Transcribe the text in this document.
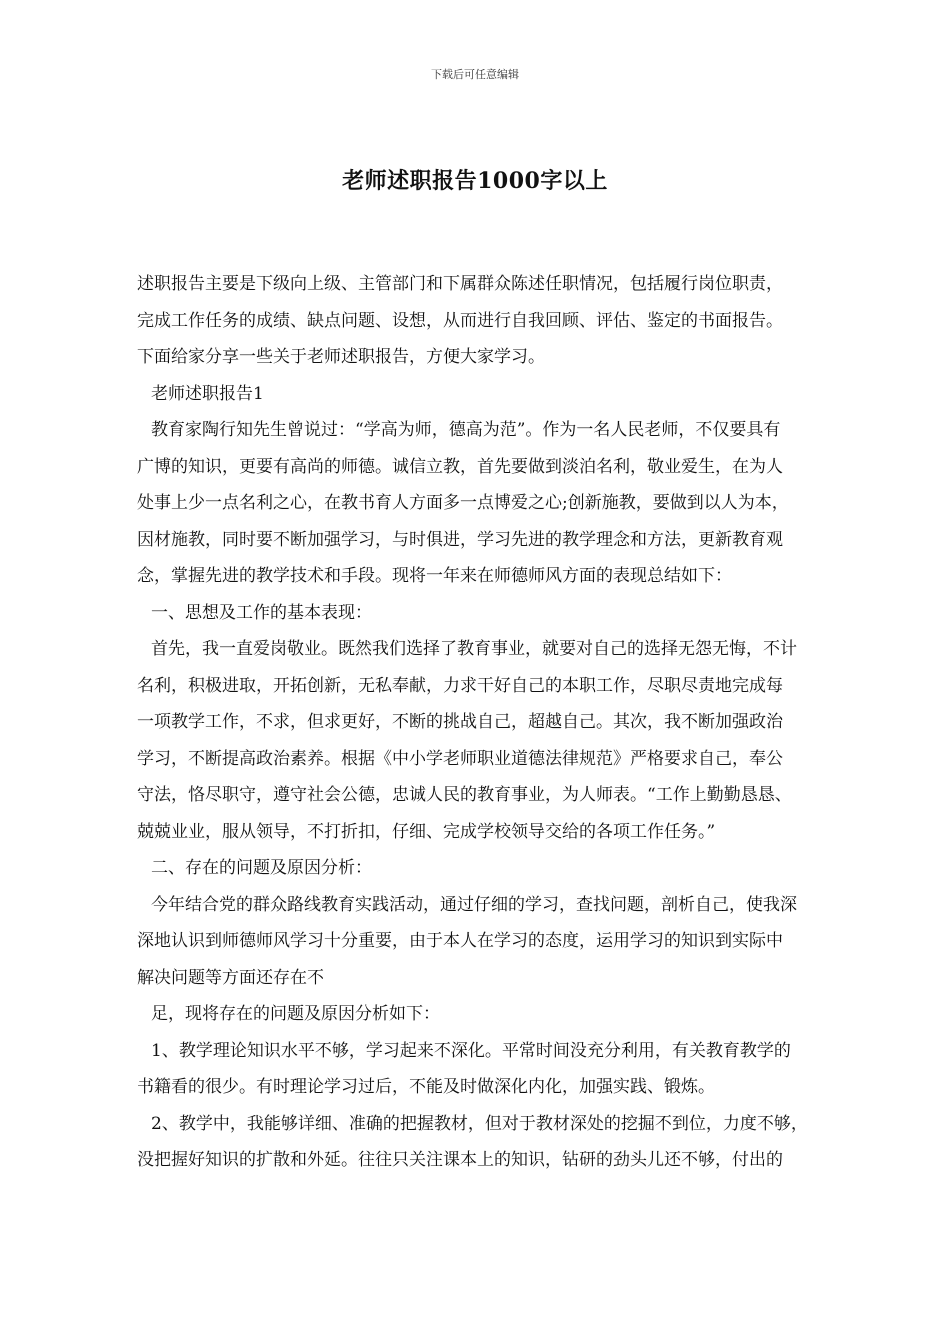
下载后可任意编辑
老师述职报告1000字以上
述职报告主要是下级向上级、主管部门和下属群众陈述任职情况，包括履行岗位职责，
完成工作任务的成绩、缺点问题、设想，从而进行自我回顾、评估、鉴定的书面报告。
下面给家分享一些关于老师述职报告，方便大家学习。
老师述职报告1
教育家陶行知先生曾说过：“学高为师，德高为范”。作为一名人民老师，不仅要具有
广博的知识，更要有高尚的师德。诚信立教，首先要做到淡泊名利，敬业爱生，在为人
处事上少一点名利之心，在教书育人方面多一点博爱之心;创新施教，要做到以人为本，
因材施教，同时要不断加强学习，与时俱进，学习先进的教学理念和方法，更新教育观
念，掌握先进的教学技术和手段。现将一年来在师德师风方面的表现总结如下：
一、思想及工作的基本表现：
首先，我一直爱岗敬业。既然我们选择了教育事业，就要对自己的选择无怨无悔，不计
名利，积极进取，开拓创新，无私奉献，力求干好自己的本职工作，尽职尽责地完成每
一项教学工作，不求，但求更好，不断的挑战自己，超越自己。其次，我不断加强政治
学习，不断提高政治素养。根据《中小学老师职业道德法律规范》严格要求自己，奉公
守法，恪尽职守，遵守社会公德，忠诚人民的教育事业，为人师表。“工作上勤勤恳恳、
兢兢业业，服从领导，不打折扣，仔细、完成学校领导交给的各项工作任务。”
二、存在的问题及原因分析：
今年结合党的群众路线教育实践活动，通过仔细的学习，查找问题，剖析自己，使我深
深地认识到师德师风学习十分重要，由于本人在学习的态度，运用学习的知识到实际中
解决问题等方面还存在不
足，现将存在的问题及原因分析如下：
1、教学理论知识水平不够，学习起来不深化。平常时间没充分利用，有关教育教学的
书籍看的很少。有时理论学习过后，不能及时做深化内化，加强实践、锻炼。
2、教学中，我能够详细、准确的把握教材，但对于教材深处的挖掘不到位，力度不够，
没把握好知识的扩散和外延。往往只关注课本上的知识，钻研的劲头儿还不够，付出的
